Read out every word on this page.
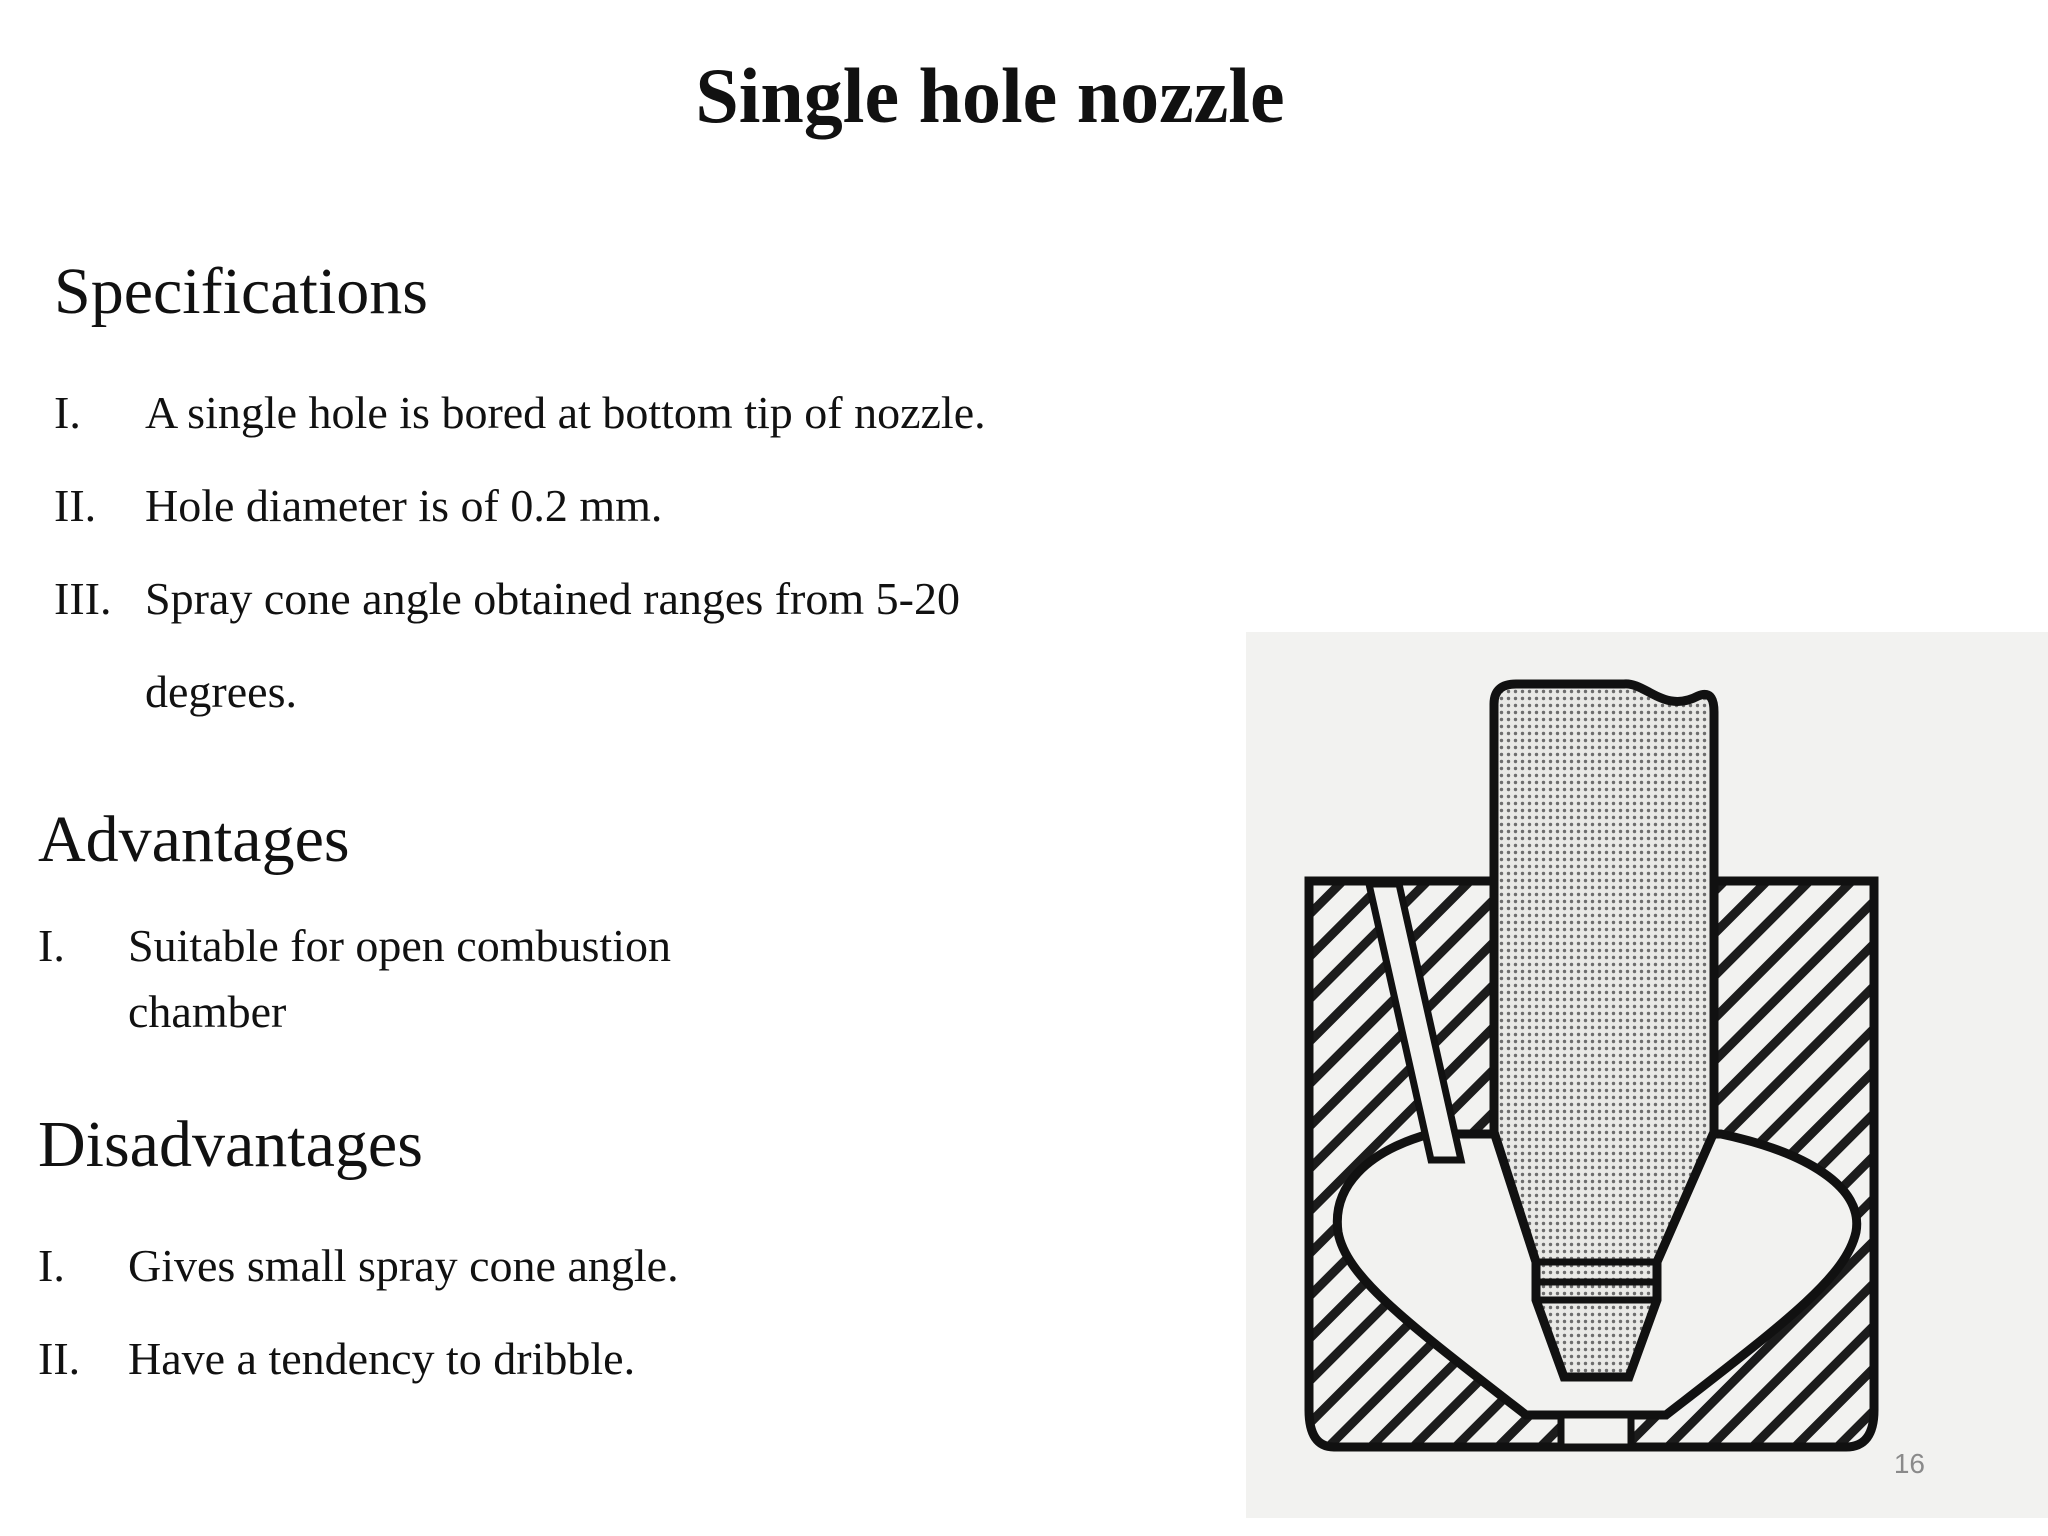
Single hole nozzle
Specifications
I.	A single hole is bored at bottom tip of nozzle.
II.	Hole diameter is of 0.2 mm.
III. Spray cone angle obtained ranges from 5-20 degrees.
Advantages
I.	Suitable for open combustion chamber
Disadvantages
I.	Gives small spray cone angle.
II.	Have a tendency to dribble.
16
